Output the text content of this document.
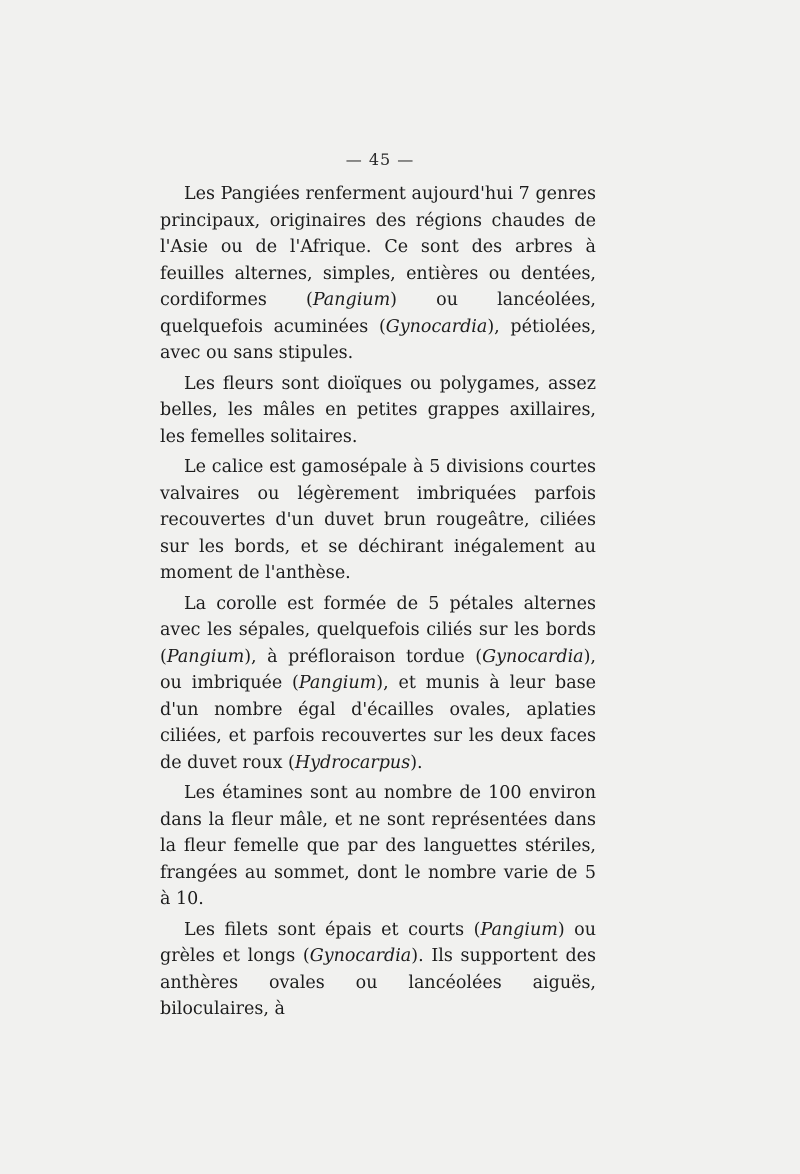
— 45 —

Les Pangiées renferment aujourd'hui 7 genres principaux, originaires des régions chaudes de l'Asie ou de l'Afrique. Ce sont des arbres à feuilles alternes, simples, entières ou dentées, cordiformes (Pangium) ou lancéolées, quelquefois acuminées (Gynocardia), pétiolées, avec ou sans stipules.

Les fleurs sont dioïques ou polygames, assez belles, les mâles en petites grappes axillaires, les femelles solitaires.

Le calice est gamosépale à 5 divisions courtes valvaires ou légèrement imbriquées parfois recouvertes d'un duvet brun rougeâtre, ciliées sur les bords, et se déchirant inégalement au moment de l'anthèse.

La corolle est formée de 5 pétales alternes avec les sépales, quelquefois ciliés sur les bords (Pangium), à préfloraison tordue (Gynocardia), ou imbriquée (Pangium), et munis à leur base d'un nombre égal d'écailles ovales, aplaties ciliées, et parfois recouvertes sur les deux faces de duvet roux (Hydrocarpus).

Les étamines sont au nombre de 100 environ dans la fleur mâle, et ne sont représentées dans la fleur femelle que par des languettes stériles, frangées au sommet, dont le nombre varie de 5 à 10.

Les filets sont épais et courts (Pangium) ou grèles et longs (Gynocardia). Ils supportent des anthères ovales ou lancéolées aiguës, biloculaires, à
